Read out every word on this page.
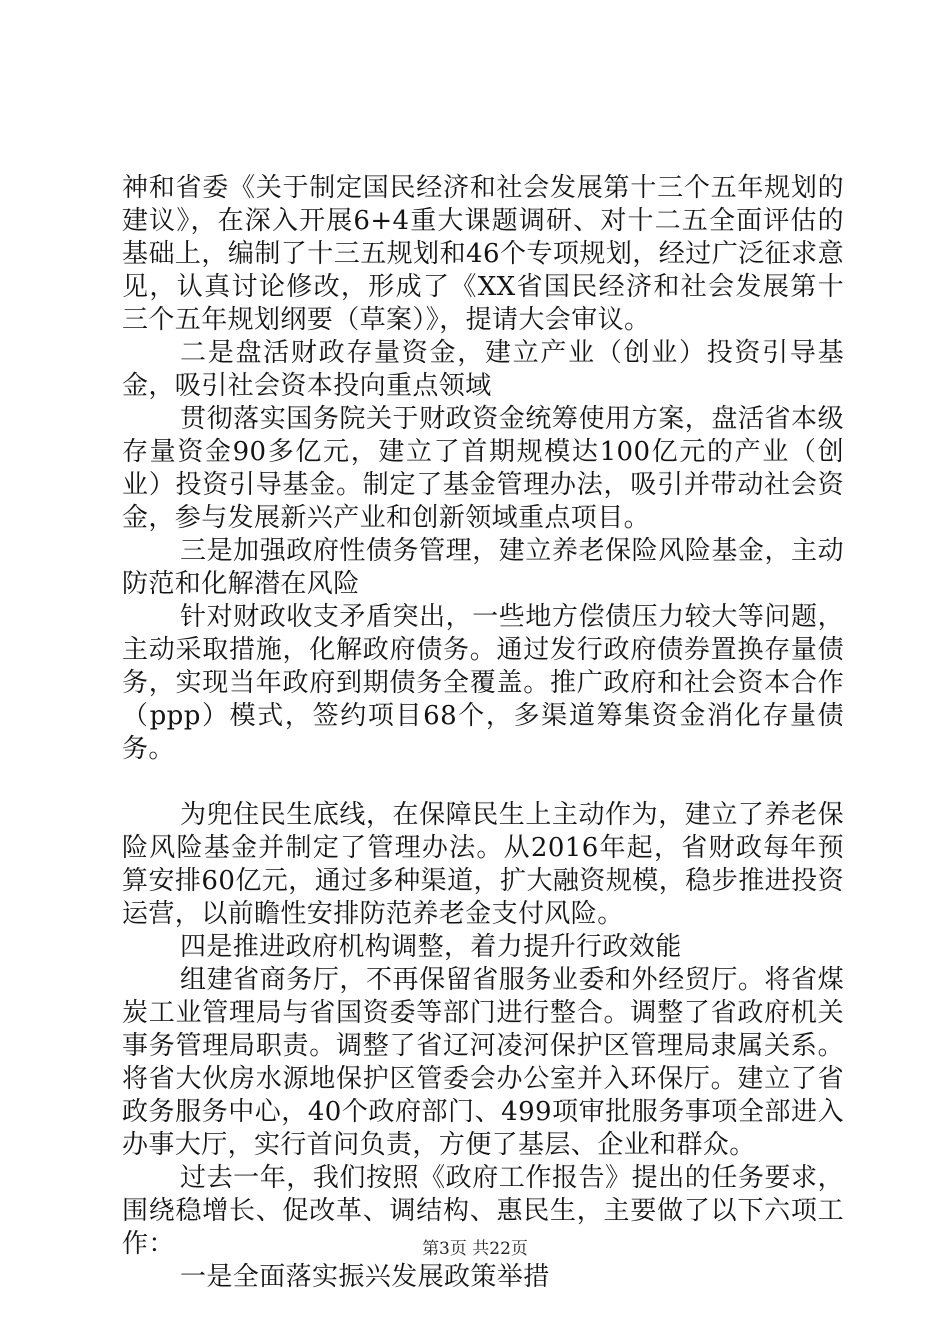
神和省委《关于制定国民经济和社会发展第十三个五年规划的建议》，在深入开展6+4重大课题调研、对十二五全面评估的基础上，编制了十三五规划和46个专项规划，经过广泛征求意见，认真讨论修改，形成了《XX省国民经济和社会发展第十三个五年规划纲要（草案）》，提请大会审议。

二是盘活财政存量资金，建立产业（创业）投资引导基金，吸引社会资本投向重点领域

贯彻落实国务院关于财政资金统筹使用方案，盘活省本级存量资金90多亿元，建立了首期规模达100亿元的产业（创业）投资引导基金。制定了基金管理办法，吸引并带动社会资金，参与发展新兴产业和创新领域重点项目。

三是加强政府性债务管理，建立养老保险风险基金，主动防范和化解潜在风险

针对财政收支矛盾突出，一些地方偿债压力较大等问题，主动采取措施，化解政府债务。通过发行政府债券置换存量债务，实现当年政府到期债务全覆盖。推广政府和社会资本合作（ppp）模式，签约项目68个，多渠道筹集资金消化存量债务。

为兜住民生底线，在保障民生上主动作为，建立了养老保险风险基金并制定了管理办法。从2016年起，省财政每年预算安排60亿元，通过多种渠道，扩大融资规模，稳步推进投资运营，以前瞻性安排防范养老金支付风险。

四是推进政府机构调整，着力提升行政效能

组建省商务厅，不再保留省服务业委和外经贸厅。将省煤炭工业管理局与省国资委等部门进行整合。调整了省政府机关事务管理局职责。调整了省辽河凌河保护区管理局隶属关系。将省大伙房水源地保护区管委会办公室并入环保厅。建立了省政务服务中心，40个政府部门、499项审批服务事项全部进入办事大厅，实行首问负责，方便了基层、企业和群众。

过去一年，我们按照《政府工作报告》提出的任务要求，围绕稳增长、促改革、调结构、惠民生，主要做了以下六项工作：

一是全面落实振兴发展政策举措

第3页 共22页
